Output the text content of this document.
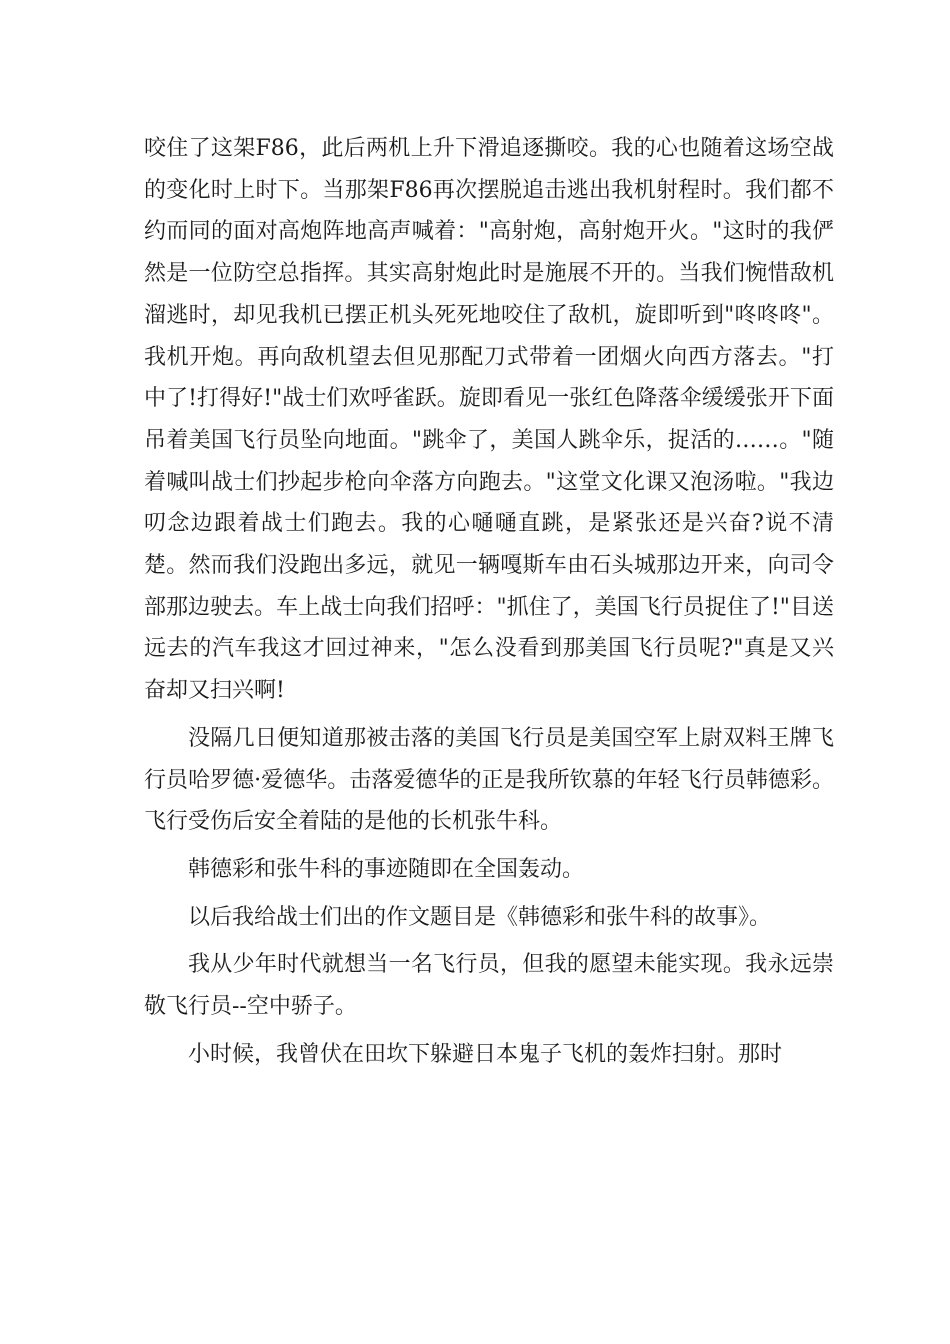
咬住了这架F86，此后两机上升下滑追逐撕咬。我的心也随着这场空战的变化时上时下。当那架F86再次摆脱追击逃出我机射程时。我们都不约而同的面对高炮阵地高声喊着："高射炮，高射炮开火。"这时的我俨然是一位防空总指挥。其实高射炮此时是施展不开的。当我们惋惜敌机溜逃时，却见我机已摆正机头死死地咬住了敌机，旋即听到"咚咚咚"。我机开炮。再向敌机望去但见那配刀式带着一团烟火向西方落去。"打中了!打得好!"战士们欢呼雀跃。旋即看见一张红色降落伞缓缓张开下面吊着美国飞行员坠向地面。"跳伞了，美国人跳伞乐，捉活的……。"随着喊叫战士们抄起步枪向伞落方向跑去。"这堂文化课又泡汤啦。"我边叨念边跟着战士们跑去。我的心嗵嗵直跳，是紧张还是兴奋?说不清楚。然而我们没跑出多远，就见一辆嘎斯车由石头城那边开来，向司令部那边驶去。车上战士向我们招呼："抓住了，美国飞行员捉住了!"目送远去的汽车我这才回过神来，"怎么没看到那美国飞行员呢?"真是又兴奋却又扫兴啊!

没隔几日便知道那被击落的美国飞行员是美国空军上尉双料王牌飞行员哈罗德·爱德华。击落爱德华的正是我所钦慕的年轻飞行员韩德彩。飞行受伤后安全着陆的是他的长机张牛科。

韩德彩和张牛科的事迹随即在全国轰动。

以后我给战士们出的作文题目是《韩德彩和张牛科的故事》。

我从少年时代就想当一名飞行员，但我的愿望未能实现。我永远崇敬飞行员--空中骄子。

小时候，我曾伏在田坎下躲避日本鬼子飞机的轰炸扫射。那时
